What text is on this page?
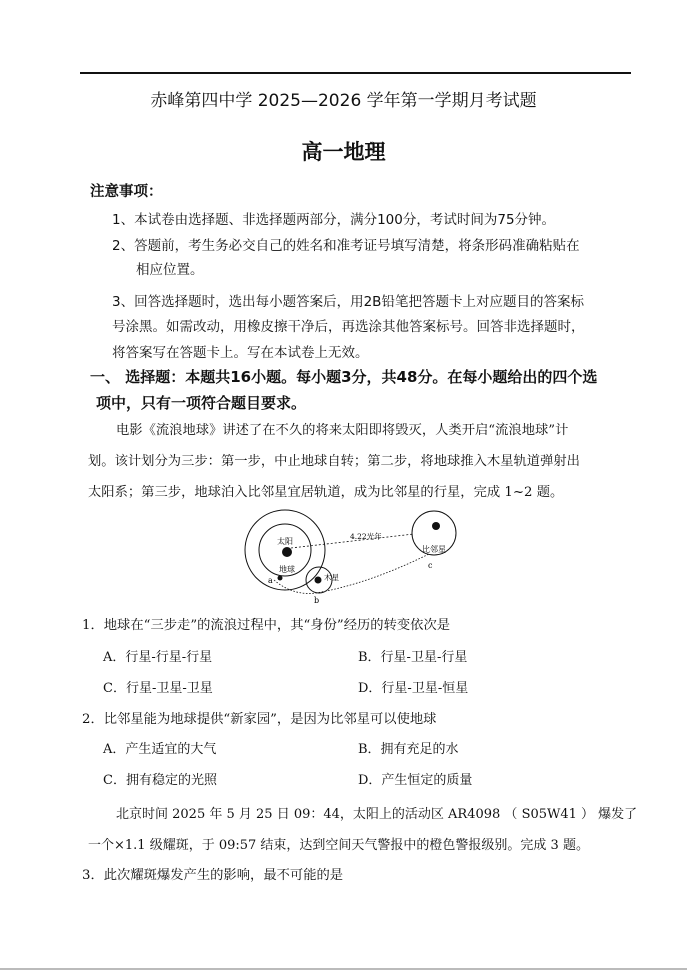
赤峰第四中学 2025—2026 学年第一学期月考试题
高一地理
注意事项：
1、本试卷由选择题、非选择题两部分，满分100分，考试时间为75分钟。
2、答题前，考生务必交自己的姓名和准考证号填写清楚，将条形码准确粘贴在
相应位置。
3、回答选择题时，选出每小题答案后，用2B铅笔把答题卡上对应题目的答案标
号涂黑。如需改动，用橡皮擦干净后，再选涂其他答案标号。回答非选择题时，
将答案写在答题卡上。写在本试卷上无效。
一、 选择题：本题共16小题。每小题3分，共48分。在每小题给出的四个选
项中，只有一项符合题目要求。
电影《流浪地球》讲述了在不久的将来太阳即将毁灭，人类开启“流浪地球”计
划。该计划分为三步：第一步，中止地球自转；第二步，将地球推入木星轨道弹射出
太阳系；第三步，地球泊入比邻星宜居轨道，成为比邻星的行星，完成 1~2 题。
太阳
比邻星
木星
地球
4.22光年
a
b
c
1．地球在“三步走”的流浪过程中，其“身份”经历的转变依次是
A．行星-行星-行星	B．行星-卫星-行星
C．行星-卫星-卫星	D．行星-卫星-恒星
2．比邻星能为地球提供“新家园”，是因为比邻星可以使地球
A．产生适宜的大气	B．拥有充足的水
C．拥有稳定的光照	D．产生恒定的质量
北京时间 2025 年 5 月 25 日 09：44，太阳上的活动区 AR4098 （ S05W41 ） 爆发了
一个×1.1 级耀斑，于 09:57 结束，达到空间天气警报中的橙色警报级别。完成 3 题。
3．此次耀斑爆发产生的影响，最不可能的是
